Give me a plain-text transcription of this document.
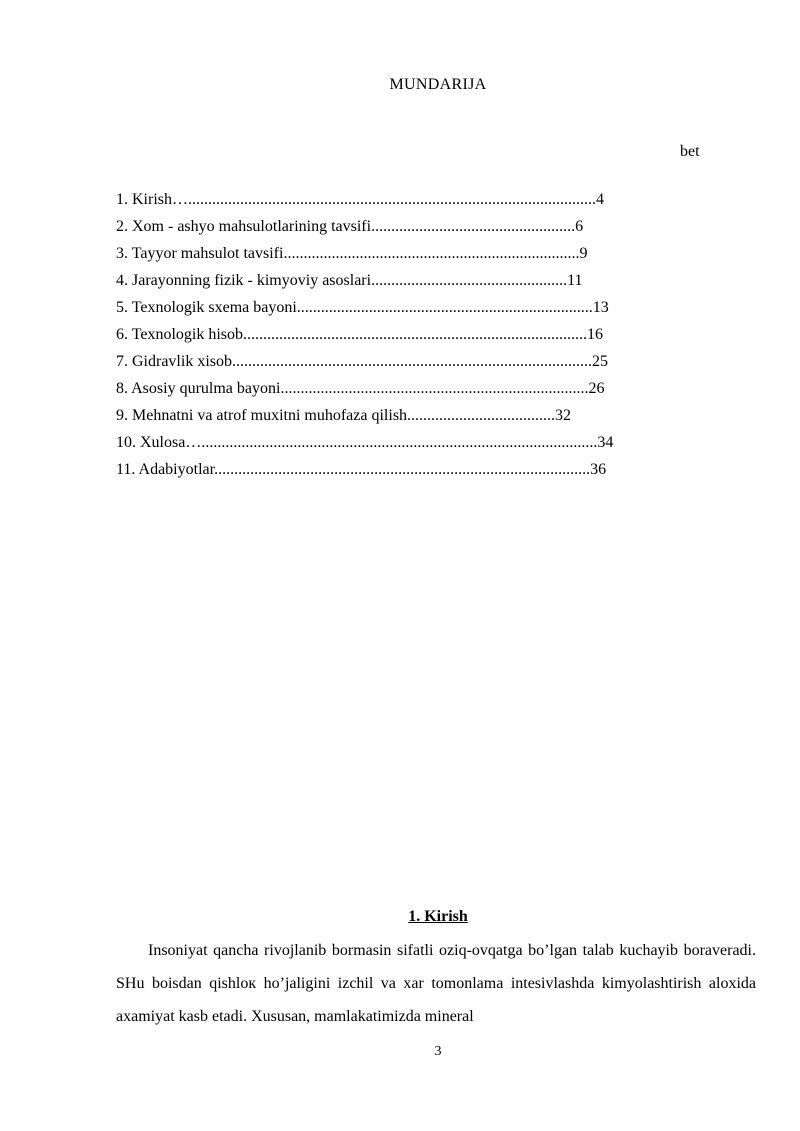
MUNDARIJA
bet
1. Kirish…......................................................................................................4
2. Xom - ashyo mahsulotlarining tavsifi...................................................6
3. Tayyor mahsulot tavsifi..........................................................................9
4. Jarayonning fizik - kimyoviy asoslari.................................................11
5. Texnologik sxema bayoni..........................................................................13
6. Texnologik hisob......................................................................................16
7. Gidravlik xisob..........................................................................................25
8. Asosiy qurulma bayoni.............................................................................26
9. Mehnatni va atrof muxitni muhofaza qilish.....................................32
10. Xulosa…...................................................................................................34
11. Adabiyotlar..............................................................................................36
1. Kirish
Insoniyat qancha rivojlanib bormasin sifatli oziq-ovqatga bo’lgan talab kuchayib boraveradi. SHu boisdan qishloк ho’jaligini izchil va xar tomonlama intesivlashda kimyolashtirish aloxida axamiyat kasb etadi. Xususan, mamlakatimizda mineral
3
